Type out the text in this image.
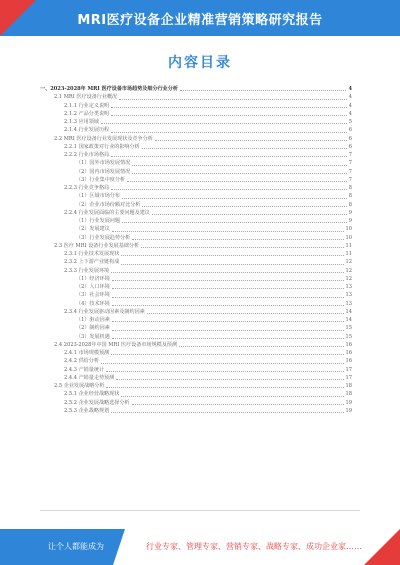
MRI医疗设备企业精准营销策略研究报告
内容目录
一、2023-2028年 MRI 医疗设备市场趋势及细分行业分析	4
2.1 MRI 医疗设备行业概况	4
2.1.1 行业定义说明	4
2.1.2 产品分类说明	4
2.1.3 应用领域	5
2.1.4 行业发展历程	6
2.2 MRI 医疗设备行业发展现状及竞争分析	6
2.2.1 国家政策对行业的影响分析	6
2.2.2 行业市场格局	7
（1）国外市场发展情况	7
（2）国内市场发展情况	7
（3）行业集中度分析	7
2.2.3 行业竞争格局	8
（1）区域市场分布	8
（2）企业市场份额对比分析	8
2.2.4 行业发展面临的主要问题及建议	9
（1）行业发展问题	9
（2）发展建议	10
（3）行业发展趋势分析	10
2.3 医疗 MRI 设备行业发展基础分析	11
2.3.1 行业技术发展现状	11
2.3.2 上下游产业链构成	12
2.3.3 行业发展环境	12
（1）经济环境	12
（2）人口环境	13
（3）社会环境	13
（4）技术环境	13
2.3.4 行业发展驱动因素及制约因素	14
（1）驱动因素	14
（2）制约因素	15
（3）发展机遇	15
2.4 2023-2028年中国 MRI 医疗设备市场规模及预测	16
2.4.1 市场规模预测	16
2.4.2 供给分析	16
2.4.3 产销量统计	17
2.4.4 产销量走势预测	17
2.5 企业发展战略分析	18
2.5.1 企业经营战略现状	18
2.5.2 企业发展战略选择分析	19
2.5.3 企业战略规划	19
让个人都能成为	行业专家、管理专家、营销专家、战略专家、成功企业家……
